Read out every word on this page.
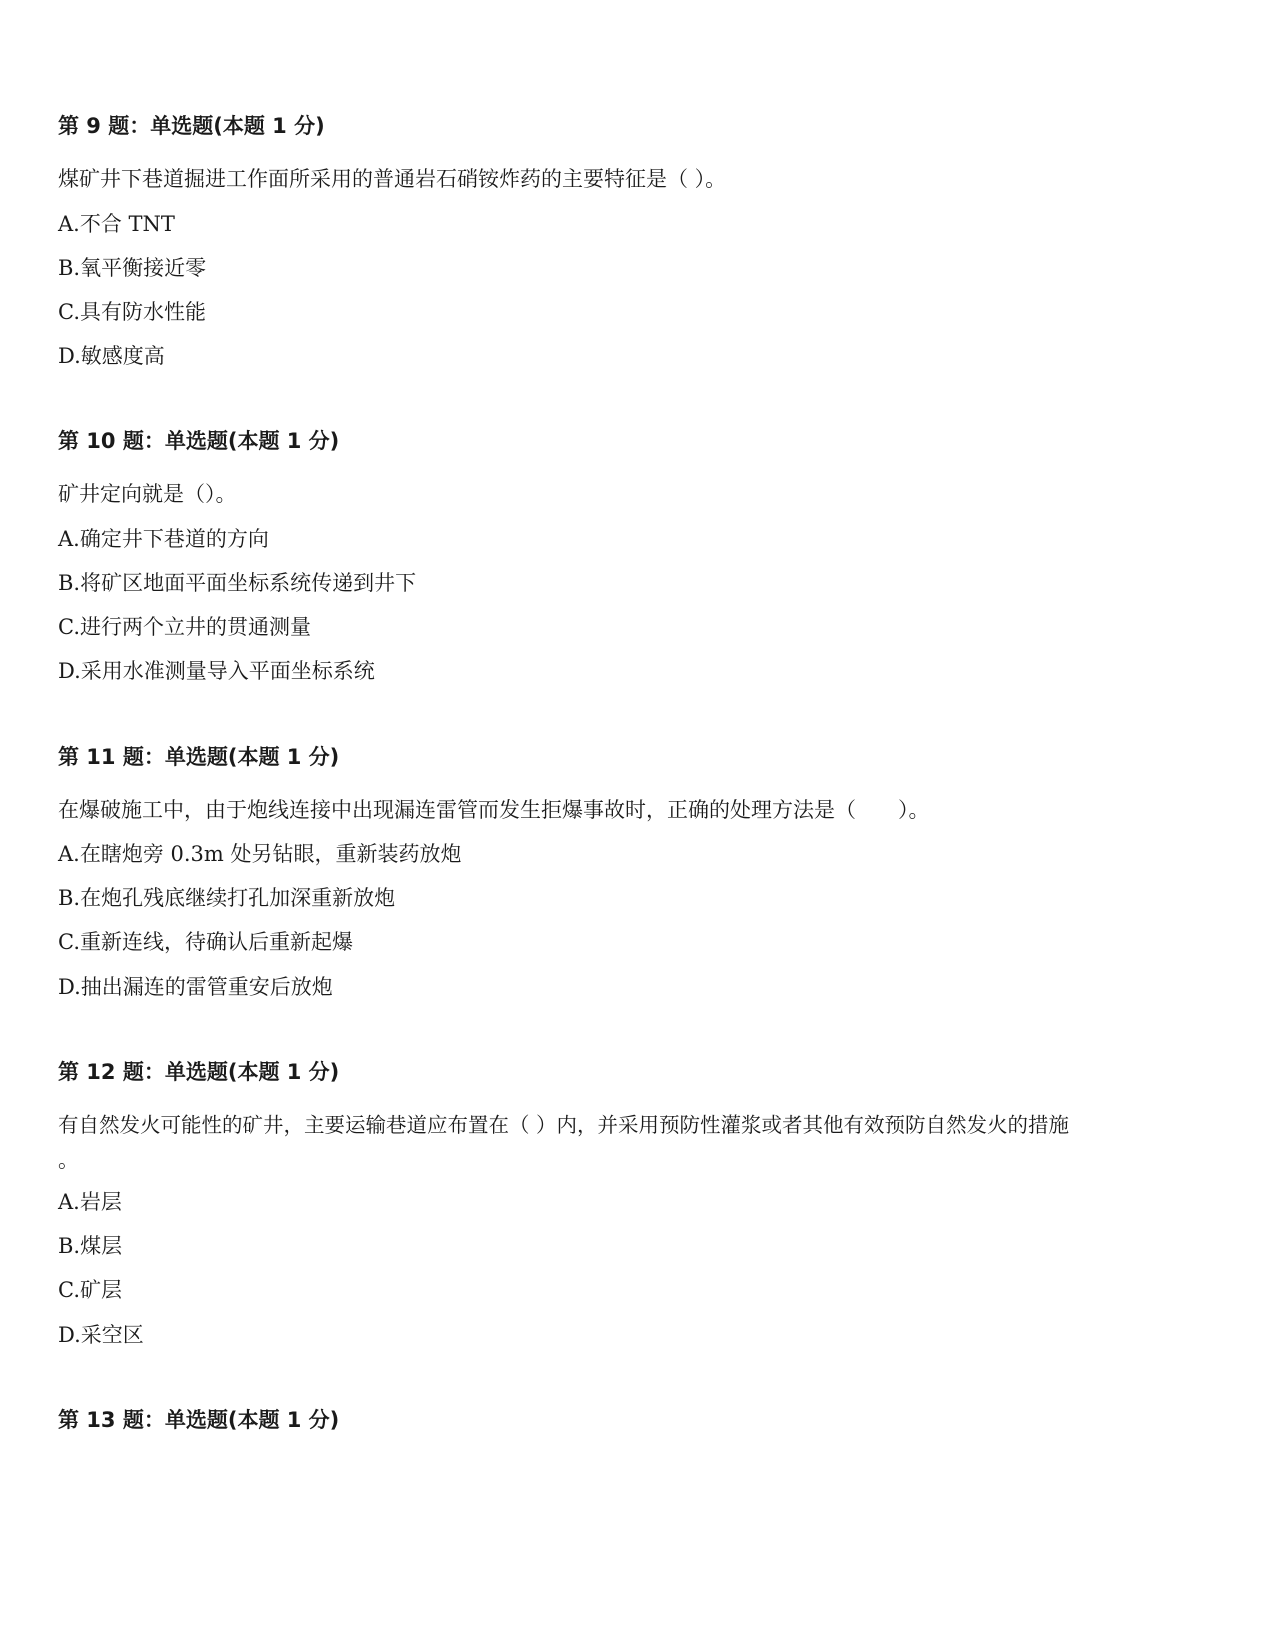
第 9 题：单选题(本题 1 分)
煤矿井下巷道掘进工作面所采用的普通岩石硝铵炸药的主要特征是（ ）。
A.不合 TNT
B.氧平衡接近零
C.具有防水性能
D.敏感度高
第 10 题：单选题(本题 1 分)
矿井定向就是（）。
A.确定井下巷道的方向
B.将矿区地面平面坐标系统传递到井下
C.进行两个立井的贯通测量
D.采用水准测量导入平面坐标系统
第 11 题：单选题(本题 1 分)
在爆破施工中，由于炮线连接中出现漏连雷管而发生拒爆事故时，正确的处理方法是（　　）。
A.在瞎炮旁 0.3m 处另钻眼，重新装药放炮
B.在炮孔残底继续打孔加深重新放炮
C.重新连线，待确认后重新起爆
D.抽出漏连的雷管重安后放炮
第 12 题：单选题(本题 1 分)
有自然发火可能性的矿井，主要运输巷道应布置在（ ）内，并采用预防性灌浆或者其他有效预防自然发火的措施
。
A.岩层
B.煤层
C.矿层
D.采空区
第 13 题：单选题(本题 1 分)
